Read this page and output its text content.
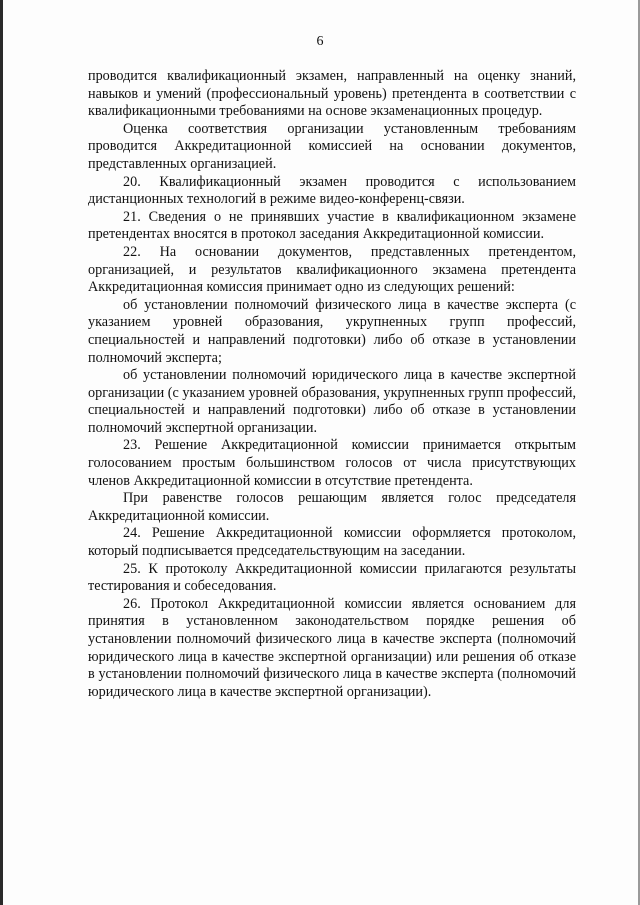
6

проводится квалификационный экзамен, направленный на оценку знаний, навыков и умений (профессиональный уровень) претендента в соответствии с квалификационными требованиями на основе экзаменационных процедур.

Оценка соответствия организации установленным требованиям проводится Аккредитационной комиссией на основании документов, представленных организацией.

20. Квалификационный экзамен проводится с использованием дистанционных технологий в режиме видео-конференц-связи.

21. Сведения о не принявших участие в квалификационном экзамене претендентах вносятся в протокол заседания Аккредитационной комиссии.

22. На основании документов, представленных претендентом, организацией, и результатов квалификационного экзамена претендента Аккредитационная комиссия принимает одно из следующих решений:

об установлении полномочий физического лица в качестве эксперта (с указанием уровней образования, укрупненных групп профессий, специальностей и направлений подготовки) либо об отказе в установлении полномочий эксперта;

об установлении полномочий юридического лица в качестве экспертной организации (с указанием уровней образования, укрупненных групп профессий, специальностей и направлений подготовки) либо об отказе в установлении полномочий экспертной организации.

23. Решение Аккредитационной комиссии принимается открытым голосованием простым большинством голосов от числа присутствующих членов Аккредитационной комиссии в отсутствие претендента.

При равенстве голосов решающим является голос председателя Аккредитационной комиссии.

24. Решение Аккредитационной комиссии оформляется протоколом, который подписывается председательствующим на заседании.

25. К протоколу Аккредитационной комиссии прилагаются результаты тестирования и собеседования.

26. Протокол Аккредитационной комиссии является основанием для принятия в установленном законодательством порядке решения об установлении полномочий физического лица в качестве эксперта (полномочий юридического лица в качестве экспертной организации) или решения об отказе в установлении полномочий физического лица в качестве эксперта (полномочий юридического лица в качестве экспертной организации).
